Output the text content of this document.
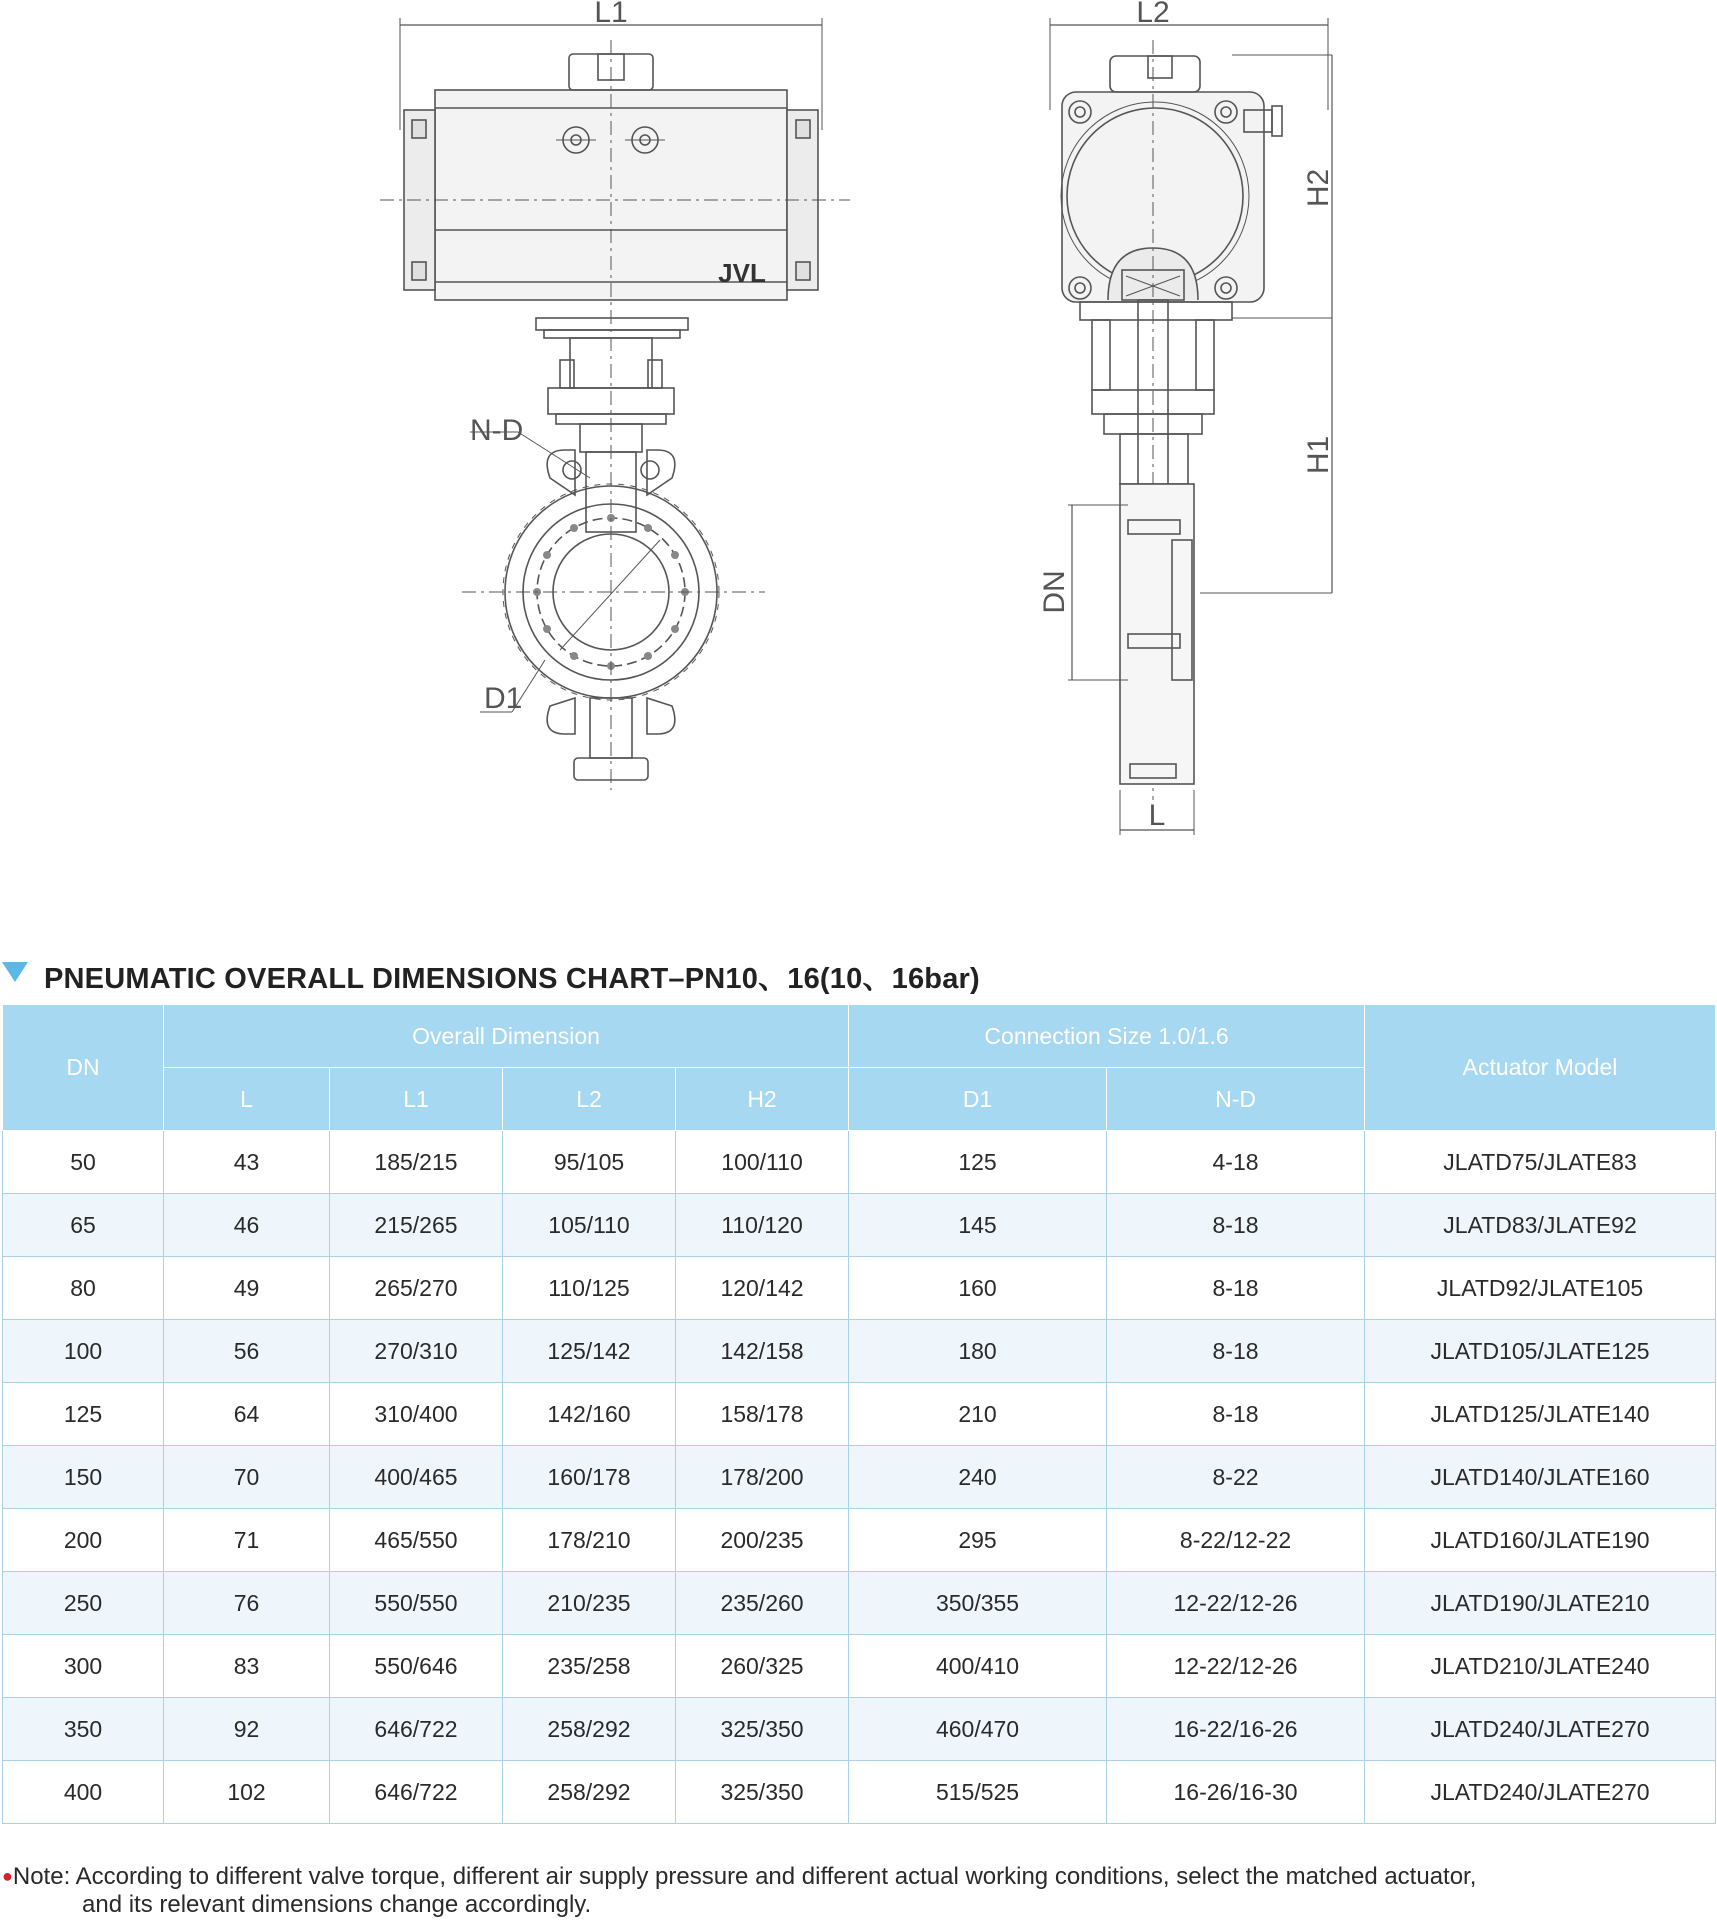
L1	L2
N-D
D1
L
H2
H1
DN
JVL
PNEUMATIC OVERALL DIMENSIONS CHART–PN10、16(10、16bar)
DN	Overall Dimension				Connection Size 1.0/1.6		Actuator Model
	L	L1	L2	H2	D1	N-D	
50	43	185/215	95/105	100/110	125	4-18	JLATD75/JLATE83
65	46	215/265	105/110	110/120	145	8-18	JLATD83/JLATE92
80	49	265/270	110/125	120/142	160	8-18	JLATD92/JLATE105
100	56	270/310	125/142	142/158	180	8-18	JLATD105/JLATE125
125	64	310/400	142/160	158/178	210	8-18	JLATD125/JLATE140
150	70	400/465	160/178	178/200	240	8-22	JLATD140/JLATE160
200	71	465/550	178/210	200/235	295	8-22/12-22	JLATD160/JLATE190
250	76	550/550	210/235	235/260	350/355	12-22/12-26	JLATD190/JLATE210
300	83	550/646	235/258	260/325	400/410	12-22/12-26	JLATD210/JLATE240
350	92	646/722	258/292	325/350	460/470	16-22/16-26	JLATD240/JLATE270
400	102	646/722	258/292	325/350	515/525	16-26/16-30	JLATD240/JLATE270
●Note: According to different valve torque, different air supply pressure and different actual working conditions, select the matched actuator,
and its relevant dimensions change accordingly.
